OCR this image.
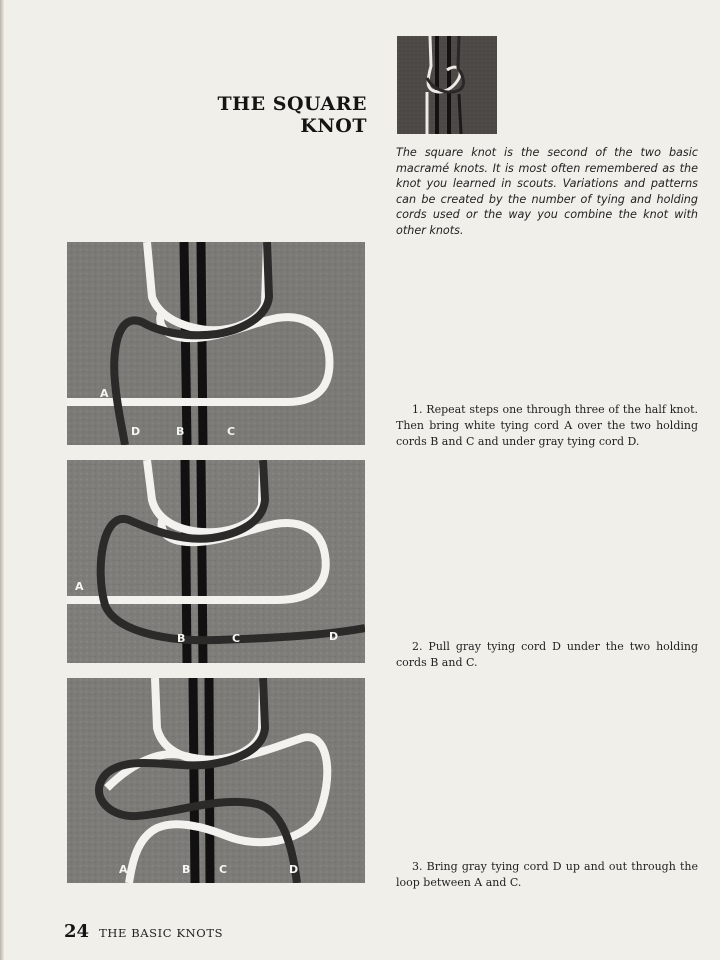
THE SQUARE
KNOT

The square knot is the second of the two basic macramé knots. It is most often remembered as the knot you learned in scouts. Variations and patterns can be created by the number of tying and holding cords used or the way you combine the knot with other knots.

A
D	B	C
A
B	C	D
A	B	C	D

1. Repeat steps one through three of the half knot. Then bring white tying cord A over the two holding cords B and C and under gray tying cord D.

2. Pull gray tying cord D under the two holding cords B and C.

3. Bring gray tying cord D up and out through the loop between A and C.

24 THE BASIC KNOTS
